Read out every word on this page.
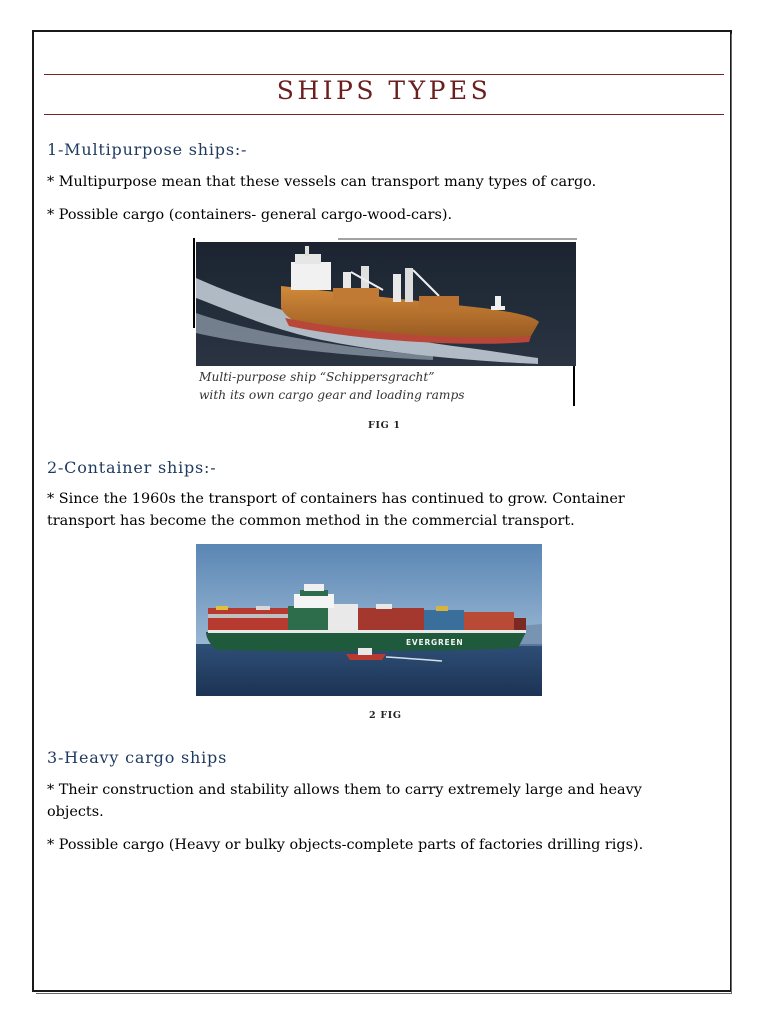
SHIPS TYPES
1-Multipurpose ships:-
* Multipurpose mean that these vessels can transport many types of cargo.
* Possible cargo (containers- general cargo-wood-cars).
Multi-purpose ship “Schippersgracht”
with its own cargo gear and loading ramps
FIG 1
2-Container ships:-
* Since the 1960s the transport of containers has continued to grow. Container transport has become the common method in the commercial transport.
EVERGREEN
2 FIG
3-Heavy cargo ships
* Their construction and stability allows them to carry extremely large and heavy objects.
* Possible cargo (Heavy or bulky objects-complete parts of factories drilling rigs).
